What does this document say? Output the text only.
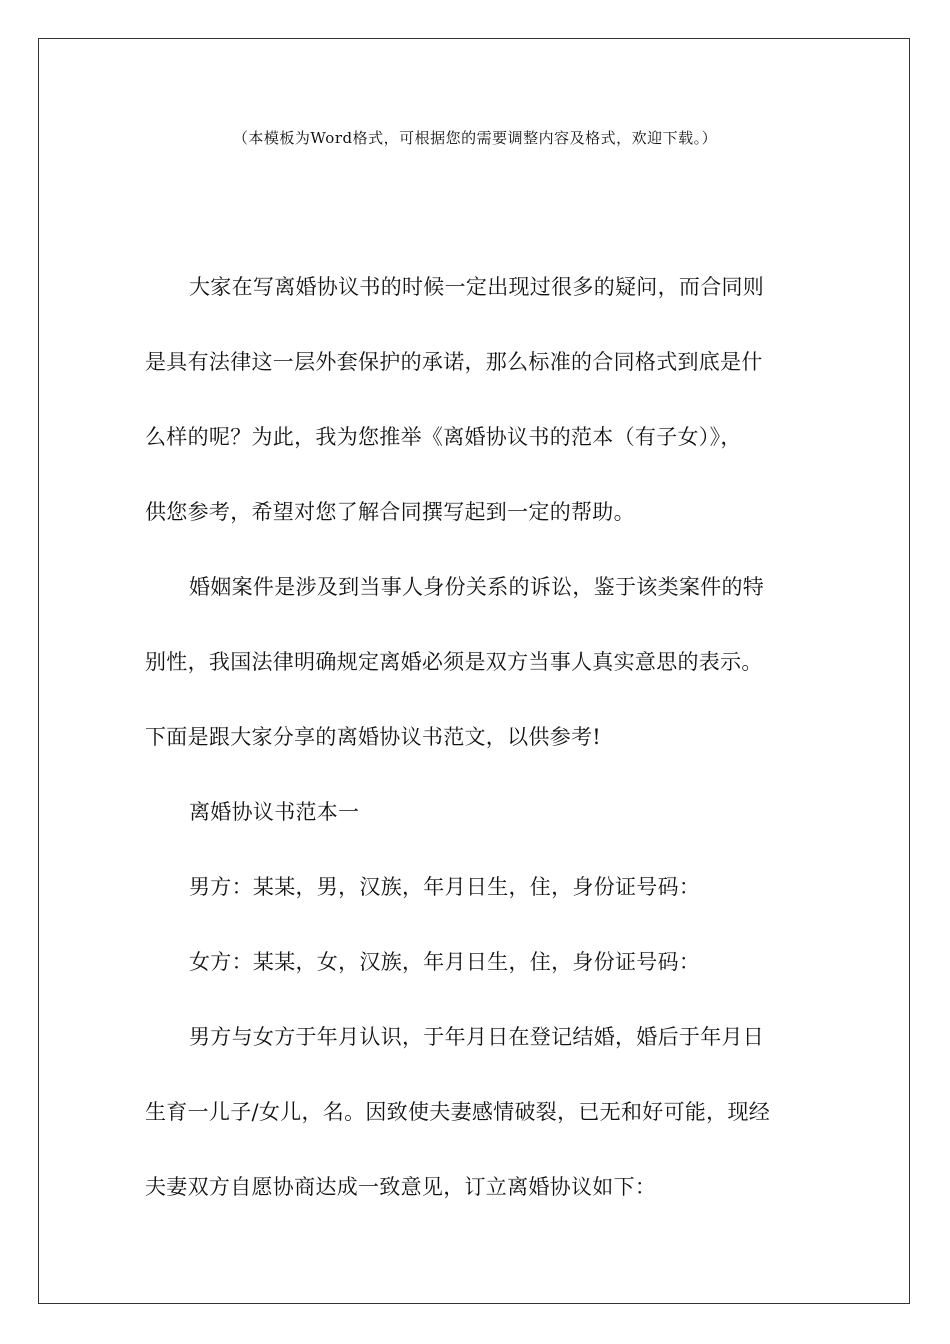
（本模板为Word格式，可根据您的需要调整内容及格式，欢迎下载。）
大家在写离婚协议书的时候一定出现过很多的疑问，而合同则
是具有法律这一层外套保护的承诺，那么标准的合同格式到底是什
么样的呢？为此，我为您推举《离婚协议书的范本（有子女）》，
供您参考，希望对您了解合同撰写起到一定的帮助。
婚姻案件是涉及到当事人身份关系的诉讼，鉴于该类案件的特
别性，我国法律明确规定离婚必须是双方当事人真实意思的表示。
下面是跟大家分享的离婚协议书范文，以供参考!
离婚协议书范本一
男方：某某，男，汉族，年月日生，住，身份证号码：
女方：某某，女，汉族，年月日生，住，身份证号码：
男方与女方于年月认识，于年月日在登记结婚，婚后于年月日
生育一儿子/女儿，名。因致使夫妻感情破裂，已无和好可能，现经
夫妻双方自愿协商达成一致意见，订立离婚协议如下：
